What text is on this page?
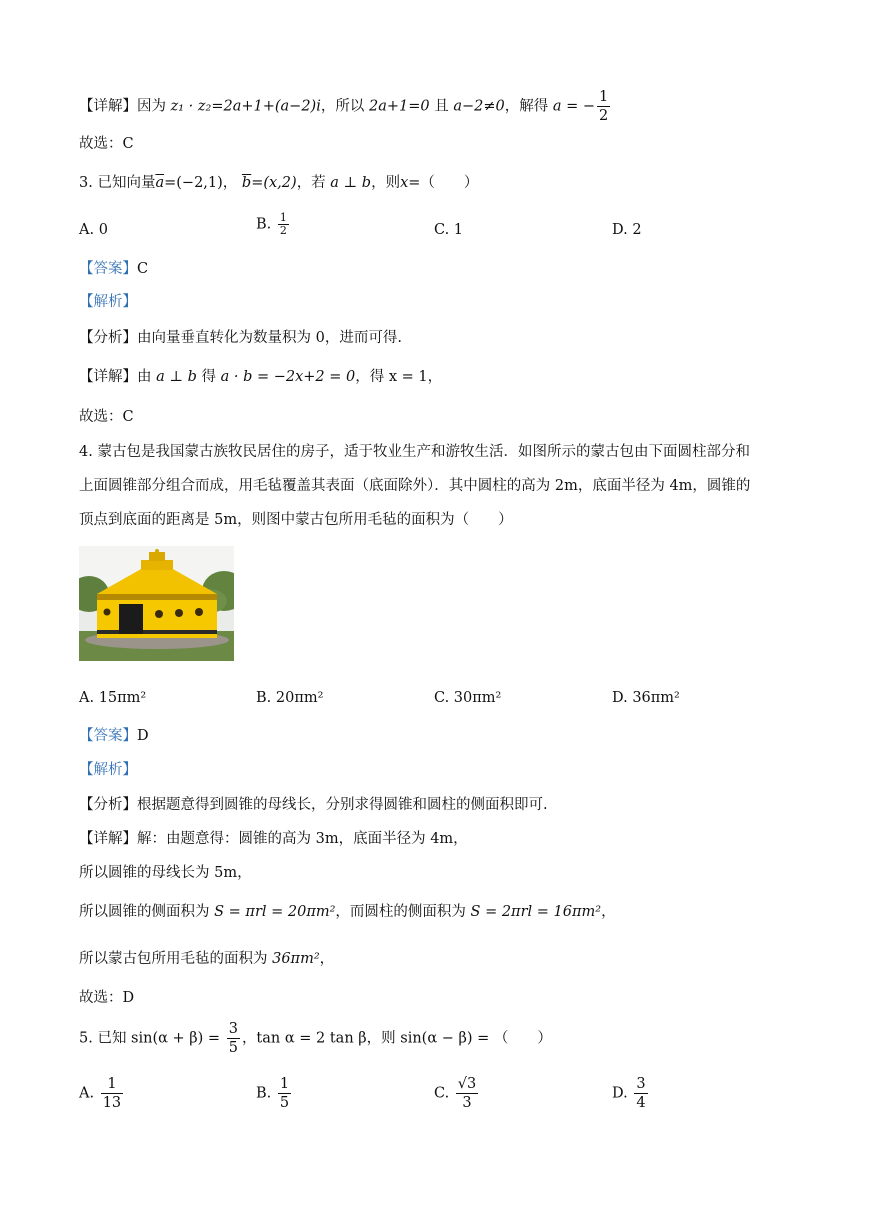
【详解】因为 z₁ · z₂=2a+1+(a−2)i，所以 2a+1=0 且 a−2≠0，解得 a = − $\frac{1}{2}$
故选：C
3. 已知向量$\overline{a}=(-2,1)$， $\overline{b}=(x,2)$，若 a ⊥ b，则x=（　　）
A. 0	B. $\frac{1}{2}$	C. 1	D. 2
【答案】C
【解析】
【分析】由向量垂直转化为数量积为 0，进而可得.
【详解】由 a ⊥ b 得 a · b = −2x+2 = 0，得 x = 1，
故选：C
4. 蒙古包是我国蒙古族牧民居住的房子，适于牧业生产和游牧生活．如图所示的蒙古包由下面圆柱部分和
上面圆锥部分组合而成，用毛毡覆盖其表面（底面除外）．其中圆柱的高为 2m，底面半径为 4m，圆锥的
顶点到底面的距离是 5m，则图中蒙古包所用毛毡的面积为（　　）
A. 15πm²	B. 20πm²	C. 30πm²	D. 36πm²
【答案】D
【解析】
【分析】根据题意得到圆锥的母线长，分别求得圆锥和圆柱的侧面积即可.
【详解】解：由题意得：圆锥的高为 3m，底面半径为 4m，
所以圆锥的母线长为 5m，
所以圆锥的侧面积为 S = πrl = 20πm²，而圆柱的侧面积为 S = 2πrl = 16πm²，
所以蒙古包所用毛毡的面积为 36πm²，
故选：D
5. 已知 $\sin(\alpha + \beta) = \frac{3}{5}$ ，tan α = 2 tan β，则 sin(α − β) = （　　）
A. $\frac{1}{13}$	B. $\frac{1}{5}$	C. $\frac{√3}{3}$	D. $\frac{3}{4}$
